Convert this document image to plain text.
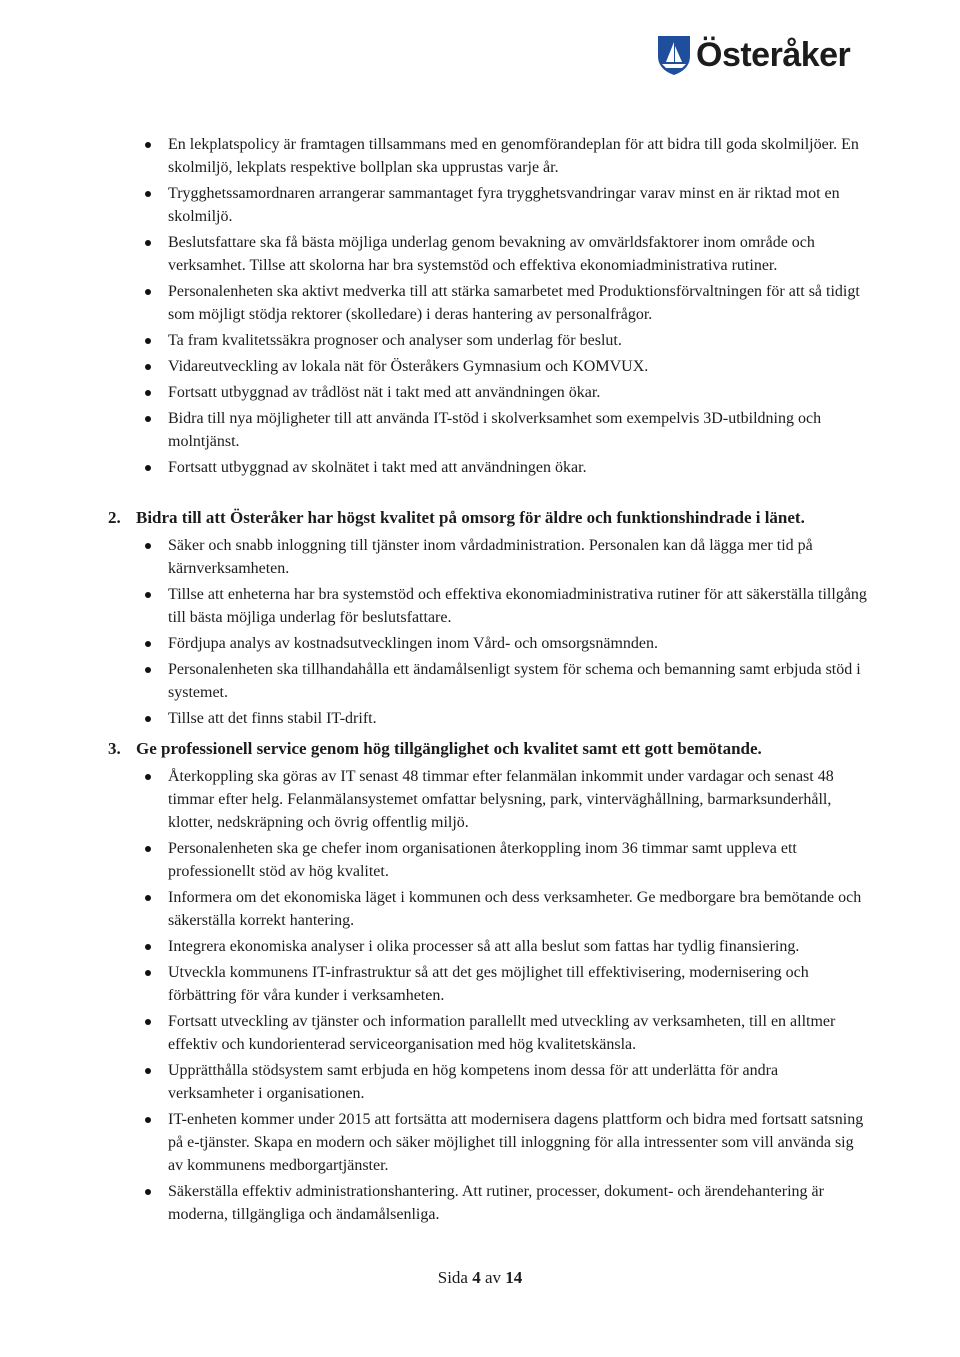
Österåker
En lekplatspolicy är framtagen tillsammans med en genomförandeplan för att bidra till goda skolmiljöer. En skolmiljö, lekplats respektive bollplan ska upprustas varje år.
Trygghetssamordnaren arrangerar sammantaget fyra trygghetsvandringar varav minst en är riktad mot en skolmiljö.
Beslutsfattare ska få bästa möjliga underlag genom bevakning av omvärldsfaktorer inom område och verksamhet. Tillse att skolorna har bra systemstöd och effektiva ekonomiadministrativa rutiner.
Personalenheten ska aktivt medverka till att stärka samarbetet med Produktionsförvaltningen för att så tidigt som möjligt stödja rektorer (skolledare) i deras hantering av personalfrågor.
Ta fram kvalitetssäkra prognoser och analyser som underlag för beslut.
Vidareutveckling av lokala nät för Österåkers Gymnasium och KOMVUX.
Fortsatt utbyggnad av trådlöst nät i takt med att användningen ökar.
Bidra till nya möjligheter till att använda IT-stöd i skolverksamhet som exempelvis 3D-utbildning och molntjänst.
Fortsatt utbyggnad av skolnätet i takt med att användningen ökar.
2. Bidra till att Österåker har högst kvalitet på omsorg för äldre och funktionshindrade i länet.
Säker och snabb inloggning till tjänster inom vårdadministration. Personalen kan då lägga mer tid på kärnverksamheten.
Tillse att enheterna har bra systemstöd och effektiva ekonomiadministrativa rutiner för att säkerställa tillgång till bästa möjliga underlag för beslutsfattare.
Fördjupa analys av kostnadsutvecklingen inom Vård- och omsorgsnämnden.
Personalenheten ska tillhandahålla ett ändamålsenligt system för schema och bemanning samt erbjuda stöd i systemet.
Tillse att det finns stabil IT-drift.
3. Ge professionell service genom hög tillgänglighet och kvalitet samt ett gott bemötande.
Återkoppling ska göras av IT senast 48 timmar efter felanmälan inkommit under vardagar och senast 48 timmar efter helg. Felanmälansystemet omfattar belysning, park, vinterväghållning, barmarksunderhåll, klotter, nedskräpning och övrig offentlig miljö.
Personalenheten ska ge chefer inom organisationen återkoppling inom 36 timmar samt uppleva ett professionellt stöd av hög kvalitet.
Informera om det ekonomiska läget i kommunen och dess verksamheter. Ge medborgare bra bemötande och säkerställa korrekt hantering.
Integrera ekonomiska analyser i olika processer så att alla beslut som fattas har tydlig finansiering.
Utveckla kommunens IT-infrastruktur så att det ges möjlighet till effektivisering, modernisering och förbättring för våra kunder i verksamheten.
Fortsatt utveckling av tjänster och information parallellt med utveckling av verksamheten, till en alltmer effektiv och kundorienterad serviceorganisation med hög kvalitetskänsla.
Upprätthålla stödsystem samt erbjuda en hög kompetens inom dessa för att underlätta för andra verksamheter i organisationen.
IT-enheten kommer under 2015 att fortsätta att modernisera dagens plattform och bidra med fortsatt satsning på e-tjänster. Skapa en modern och säker möjlighet till inloggning för alla intressenter som vill använda sig av kommunens medborgartjänster.
Säkerställa effektiv administrationshantering. Att rutiner, processer, dokument- och ärendehantering är moderna, tillgängliga och ändamålsenliga.
Sida 4 av 14
